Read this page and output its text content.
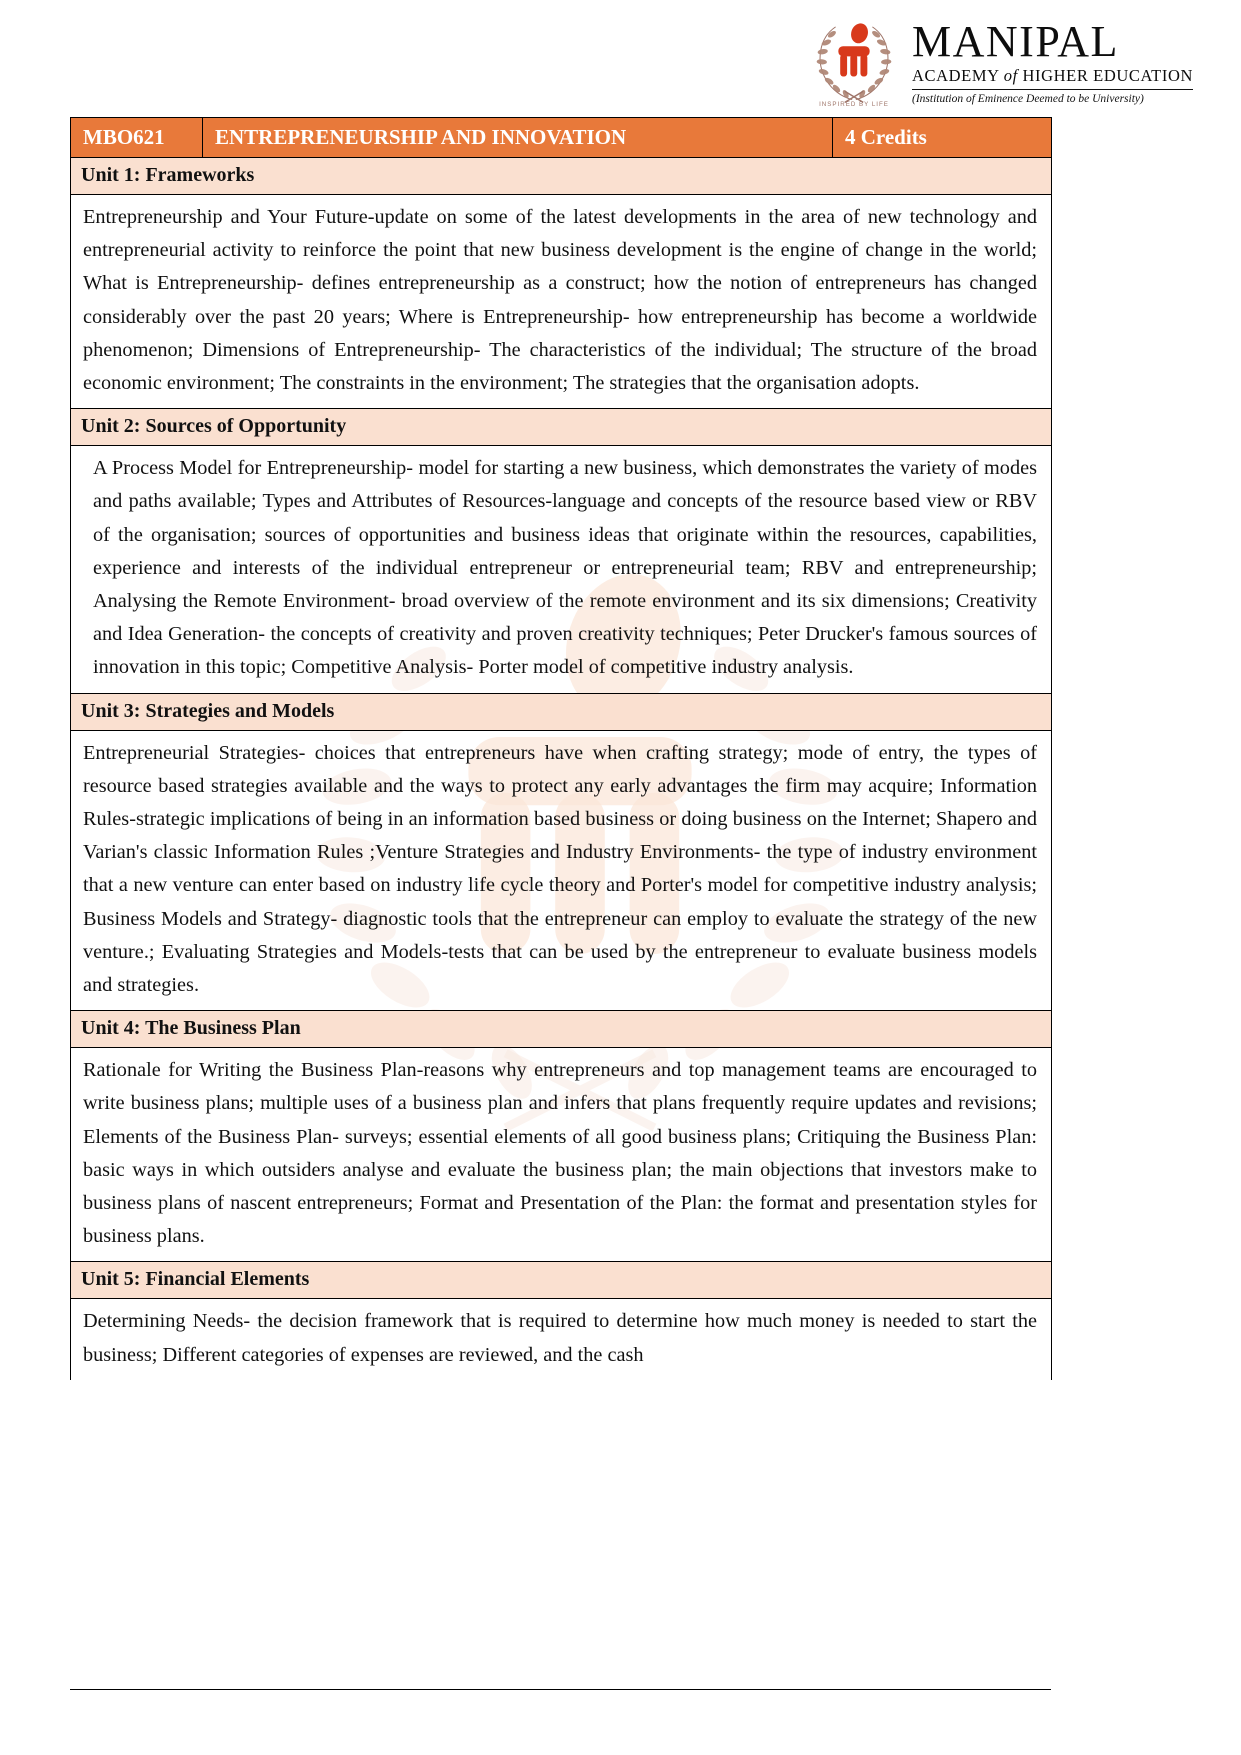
INSPIRED BY LIFE
MANIPAL
ACADEMY of HIGHER EDUCATION
(Institution of Eminence Deemed to be University)
MBO621	ENTREPRENEURSHIP AND INNOVATION	4 Credits
Unit 1: Frameworks
Entrepreneurship and Your Future-update on some of the latest developments in the area of new technology and entrepreneurial activity to reinforce the point that new business development is the engine of change in the world; What is Entrepreneurship- defines entrepreneurship as a construct; how the notion of entrepreneurs has changed considerably over the past 20 years; Where is Entrepreneurship- how entrepreneurship has become a worldwide phenomenon; Dimensions of Entrepreneurship- The characteristics of the individual; The structure of the broad economic environment; The constraints in the environment; The strategies that the organisation adopts.
Unit 2: Sources of Opportunity
A Process Model for Entrepreneurship- model for starting a new business, which demonstrates the variety of modes and paths available; Types and Attributes of Resources-language and concepts of the resource based view or RBV of the organisation; sources of opportunities and business ideas that originate within the resources, capabilities, experience and interests of the individual entrepreneur or entrepreneurial team; RBV and entrepreneurship; Analysing the Remote Environment- broad overview of the remote environment and its six dimensions; Creativity and Idea Generation- the concepts of creativity and proven creativity techniques; Peter Drucker's famous sources of innovation in this topic; Competitive Analysis- Porter model of competitive industry analysis.
Unit 3: Strategies and Models
Entrepreneurial Strategies- choices that entrepreneurs have when crafting strategy; mode of entry, the types of resource based strategies available and the ways to protect any early advantages the firm may acquire; Information Rules-strategic implications of being in an information based business or doing business on the Internet; Shapero and Varian's classic Information Rules ;Venture Strategies and Industry Environments- the type of industry environment that a new venture can enter based on industry life cycle theory and Porter's model for competitive industry analysis; Business Models and Strategy- diagnostic tools that the entrepreneur can employ to evaluate the strategy of the new venture.; Evaluating Strategies and Models-tests that can be used by the entrepreneur to evaluate business models and strategies.
Unit 4: The Business Plan
Rationale for Writing the Business Plan-reasons why entrepreneurs and top management teams are encouraged to write business plans; multiple uses of a business plan and infers that plans frequently require updates and revisions; Elements of the Business Plan- surveys; essential elements of all good business plans; Critiquing the Business Plan: basic ways in which outsiders analyse and evaluate the business plan; the main objections that investors make to business plans of nascent entrepreneurs; Format and Presentation of the Plan: the format and presentation styles for business plans.
Unit 5: Financial Elements
Determining Needs- the decision framework that is required to determine how much money is needed to start the business; Different categories of expenses are reviewed, and the cash
